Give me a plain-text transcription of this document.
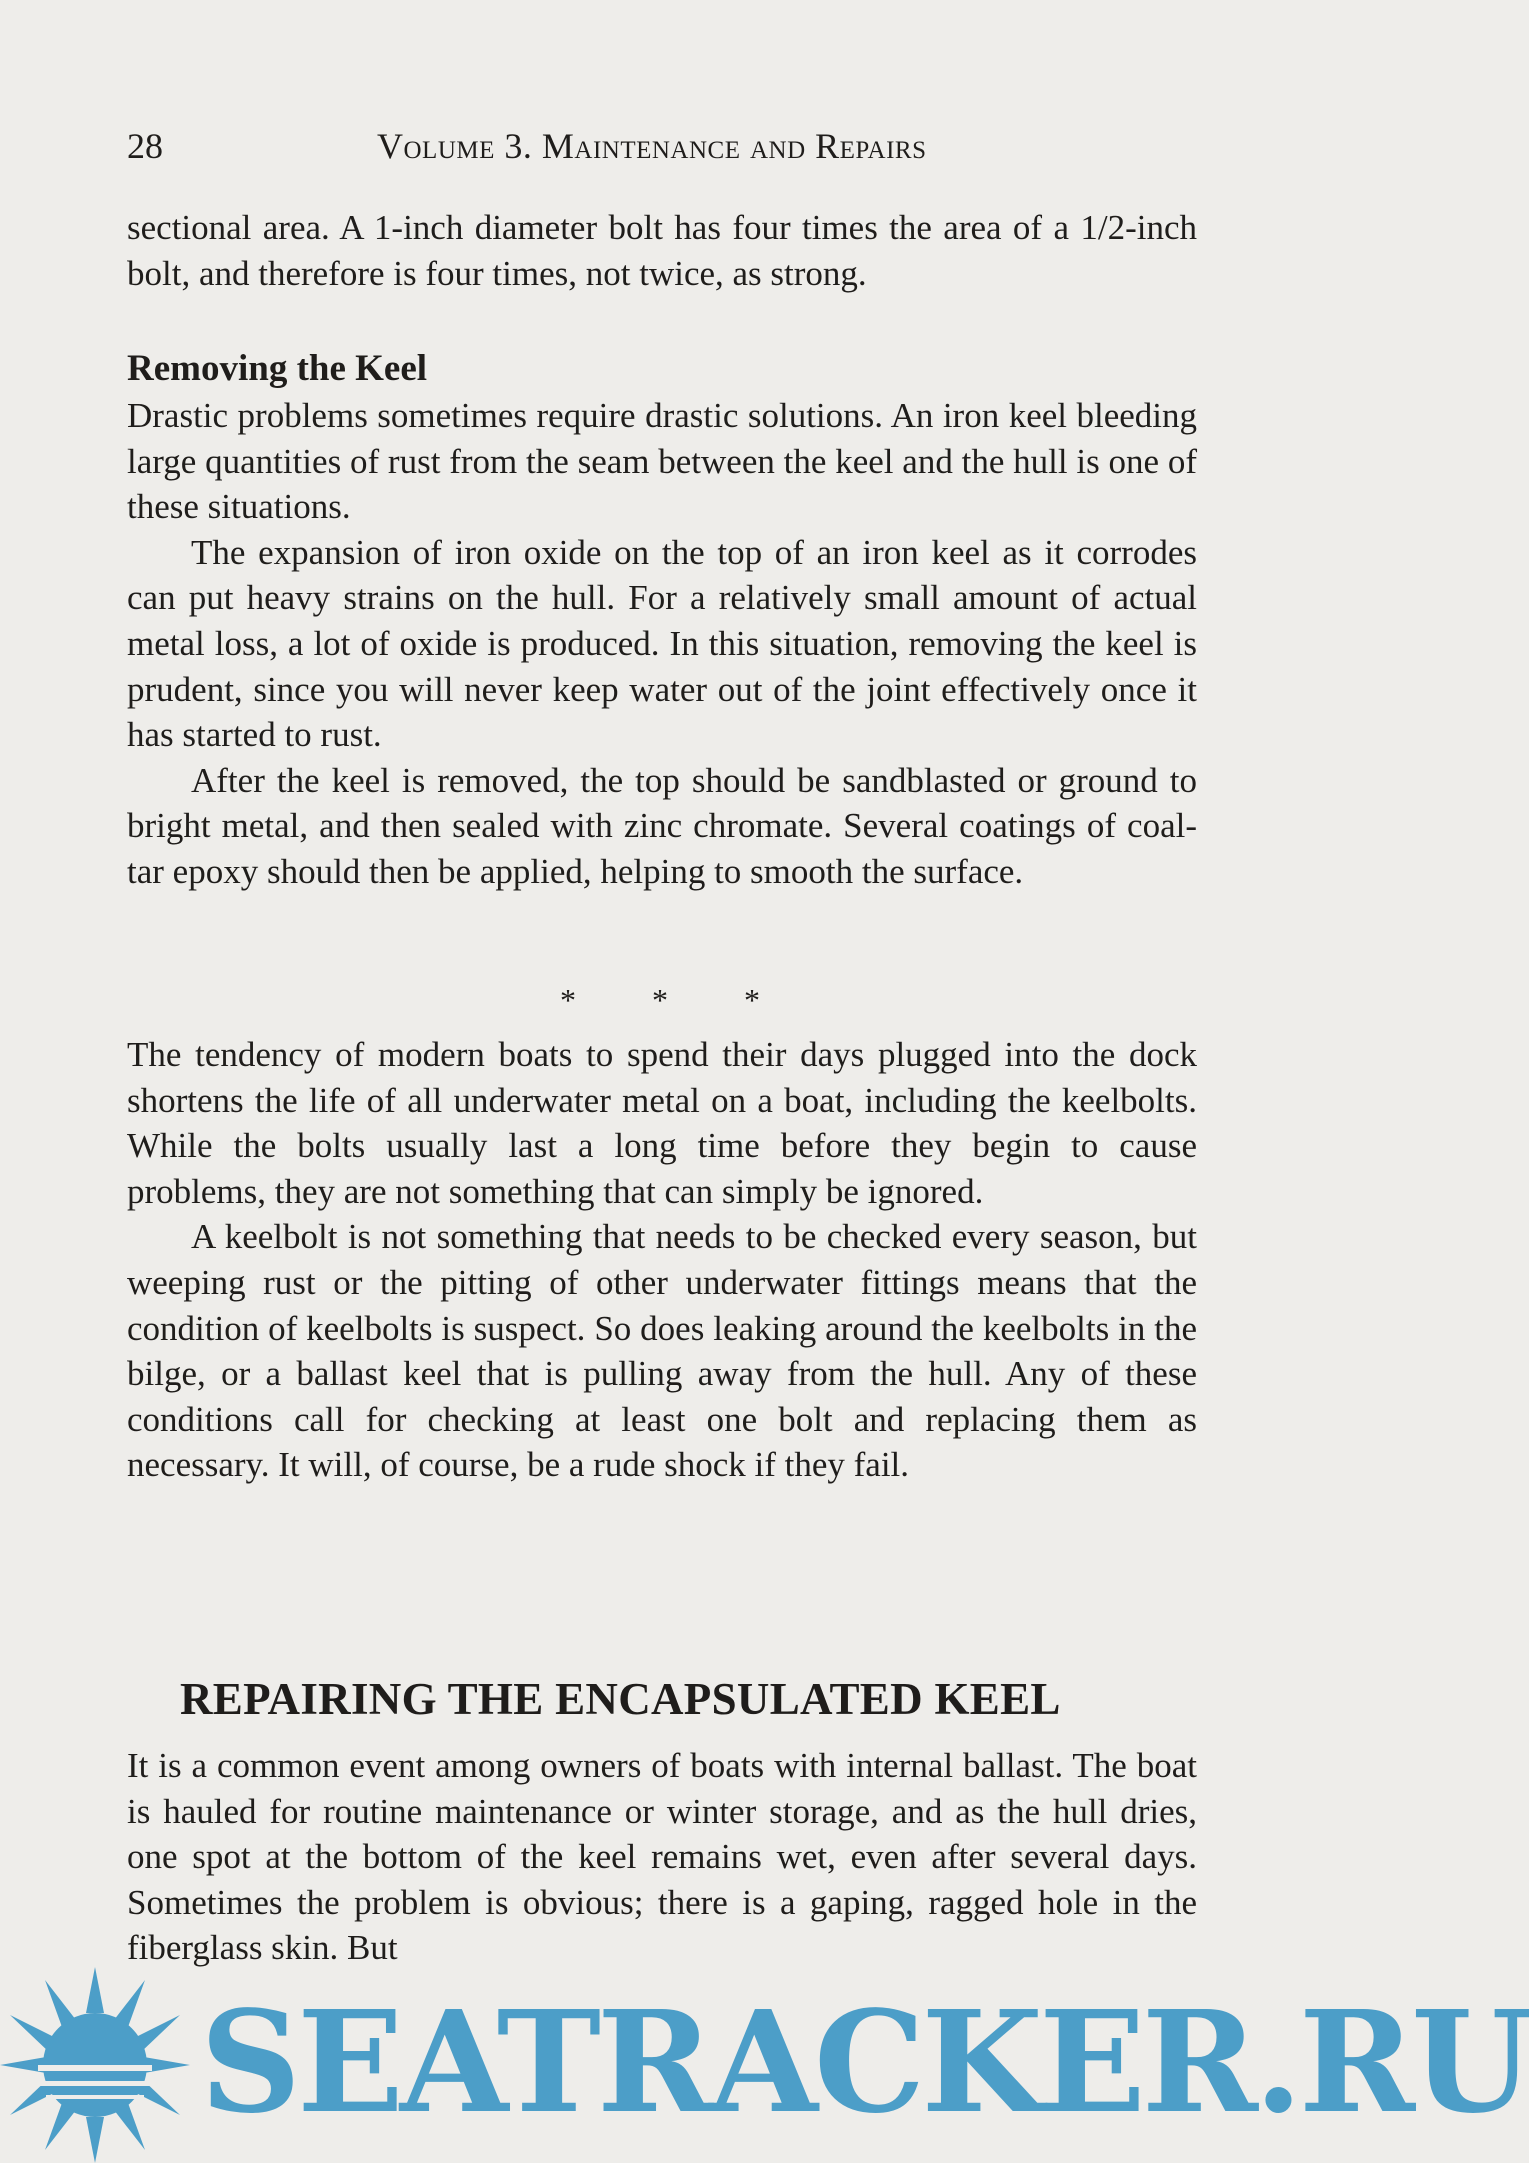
28	Volume 3. Maintenance and Repairs

sectional area. A 1-inch diameter bolt has four times the area of a 1/2-inch bolt, and therefore is four times, not twice, as strong.

Removing the Keel

Drastic problems sometimes require drastic solutions. An iron keel bleeding large quantities of rust from the seam between the keel and the hull is one of these situations.

The expansion of iron oxide on the top of an iron keel as it corrodes can put heavy strains on the hull. For a relatively small amount of actual metal loss, a lot of oxide is produced. In this situation, removing the keel is prudent, since you will never keep water out of the joint effectively once it has started to rust.

After the keel is removed, the top should be sandblasted or ground to bright metal, and then sealed with zinc chromate. Several coatings of coal-tar epoxy should then be applied, helping to smooth the surface.

* * *

The tendency of modern boats to spend their days plugged into the dock shortens the life of all underwater metal on a boat, including the keelbolts. While the bolts usually last a long time before they begin to cause problems, they are not something that can simply be ignored.

A keelbolt is not something that needs to be checked every season, but weeping rust or the pitting of other underwater fittings means that the condition of keelbolts is suspect. So does leaking around the keelbolts in the bilge, or a ballast keel that is pulling away from the hull. Any of these conditions call for checking at least one bolt and replacing them as necessary. It will, of course, be a rude shock if they fail.

REPAIRING THE ENCAPSULATED KEEL

It is a common event among owners of boats with internal ballast. The boat is hauled for routine maintenance or winter storage, and as the hull dries, one spot at the bottom of the keel remains wet, even after several days. Sometimes the problem is obvious; there is a gaping, ragged hole in the fiberglass skin. But

SEATRACKER.RU
